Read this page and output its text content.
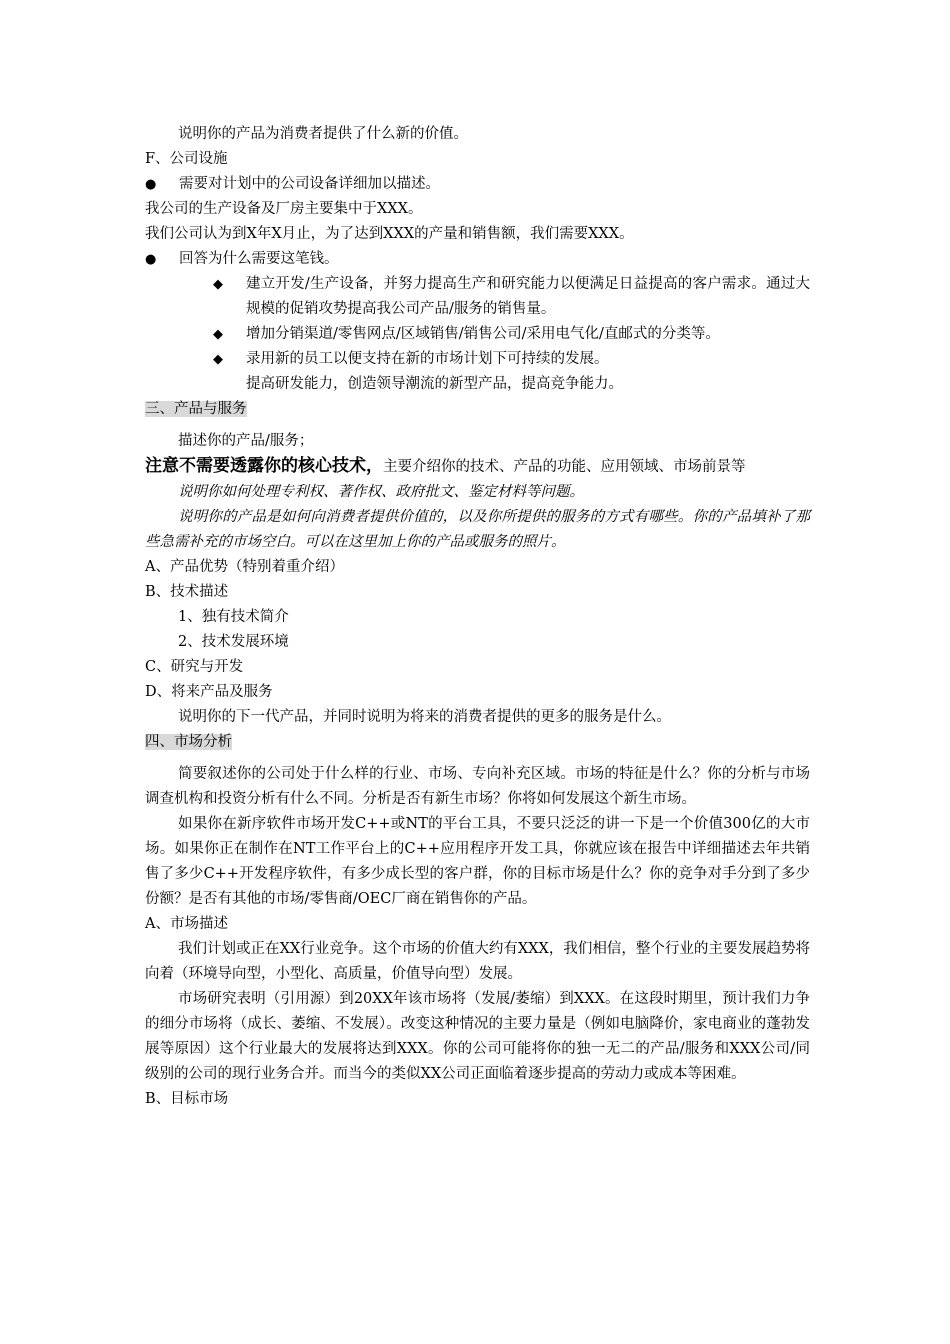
说明你的产品为消费者提供了什么新的价值。

F、公司设施

●	需要对计划中的公司设备详细加以描述。

我公司的生产设备及厂房主要集中于XXX。

我们公司认为到X年X月止，为了达到XXX的产量和销售额，我们需要XXX。

●	回答为什么需要这笔钱。
◆	建立开发/生产设备，并努力提高生产和研究能力以便满足日益提高的客户需求。通过大规模的促销攻势提高我公司产品/服务的销售量。
◆	增加分销渠道/零售网点/区域销售/销售公司/采用电气化/直邮式的分类等。
◆	录用新的员工以便支持在新的市场计划下可持续的发展。

提高研发能力，创造领导潮流的新型产品，提高竞争能力。

三、产品与服务

描述你的产品/服务；

注意不需要透露你的核心技术，主要介绍你的技术、产品的功能、应用领域、市场前景等

说明你如何处理专利权、著作权、政府批文、鉴定材料等问题。

说明你的产品是如何向消费者提供价值的，以及你所提供的服务的方式有哪些。你的产品填补了那些急需补充的市场空白。可以在这里加上你的产品或服务的照片。

A、产品优势（特别着重介绍）

B、技术描述

1、独有技术简介

2、技术发展环境

C、研究与开发

D、将来产品及服务

说明你的下一代产品，并同时说明为将来的消费者提供的更多的服务是什么。

四、市场分析

简要叙述你的公司处于什么样的行业、市场、专向补充区域。市场的特征是什么？你的分析与市场调查机构和投资分析有什么不同。分析是否有新生市场？你将如何发展这个新生市场。

如果你在新序软件市场开发C++或NT的平台工具，不要只泛泛的讲一下是一个价值300亿的大市场。如果你正在制作在NT工作平台上的C++应用程序开发工具，你就应该在报告中详细描述去年共销售了多少C++开发程序软件，有多少成长型的客户群，你的目标市场是什么？你的竞争对手分到了多少份额？是否有其他的市场/零售商/OEC厂商在销售你的产品。

A、市场描述

我们计划或正在XX行业竞争。这个市场的价值大约有XXX，我们相信，整个行业的主要发展趋势将向着（环境导向型，小型化、高质量，价值导向型）发展。

市场研究表明（引用源）到20XX年该市场将（发展/萎缩）到XXX。在这段时期里，预计我们力争的细分市场将（成长、萎缩、不发展）。改变这种情况的主要力量是（例如电脑降价，家电商业的蓬勃发展等原因）这个行业最大的发展将达到XXX。你的公司可能将你的独一无二的产品/服务和XXX公司/同级别的公司的现行业务合并。而当今的类似XX公司正面临着逐步提高的劳动力或成本等困难。

B、目标市场
